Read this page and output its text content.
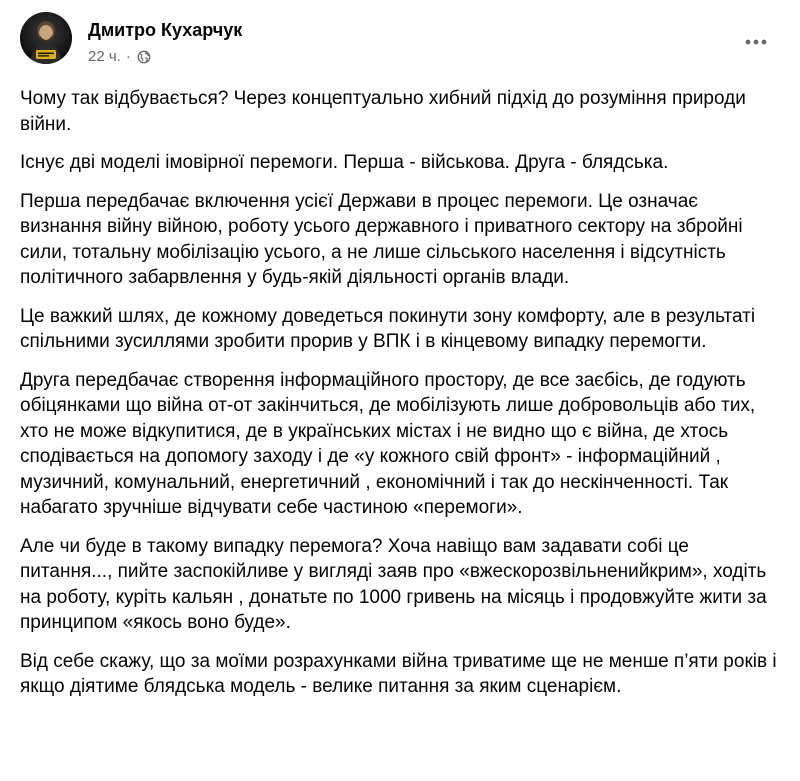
Дмитро Кухарчук
22 ч. ·

Чому так відбувається? Через концептуально хибний підхід до розуміння природи війни.

Існує дві моделі імовірної перемоги. Перша - військова. Друга - блядська.

Перша передбачає включення усієї Держави в процес перемоги. Це означає визнання війну війною, роботу усього державного і приватного сектору на збройні сили, тотальну мобілізацію усього, а не лише сільського населення і відсутність політичного забарвлення у будь-якій діяльності органів влади.

Це важкий шлях, де кожному доведеться покинути зону комфорту, але в результаті спільними зусиллями зробити прорив у ВПК і в кінцевому випадку перемогти.

Друга передбачає створення інформаційного простору, де все заєбісь, де годують обіцянками що війна от-от закінчиться, де мобілізують лише добровольців або тих, хто не може відкупитися, де в українських містах і не видно що є війна, де хтось сподівається на допомогу заходу і де «у кожного свій фронт» - інформаційний , музичний, комунальний, енергетичний , економічний і так до нескінченності. Так набагато зручніше відчувати себе частиною «перемоги».

Але чи буде в такому випадку перемога? Хоча навіщо вам задавати собі це питання..., пийте заспокійливе у вигляді заяв про «вжескорозвільненийкрим», ходіть на роботу, куріть кальян , донатьте по 1000 гривень на місяць і продовжуйте жити за принципом «якось воно буде».

Від себе скажу, що за моїми розрахунками війна триватиме ще не менше п’яти років і якщо діятиме блядська модель - велике питання за яким сценарієм.
